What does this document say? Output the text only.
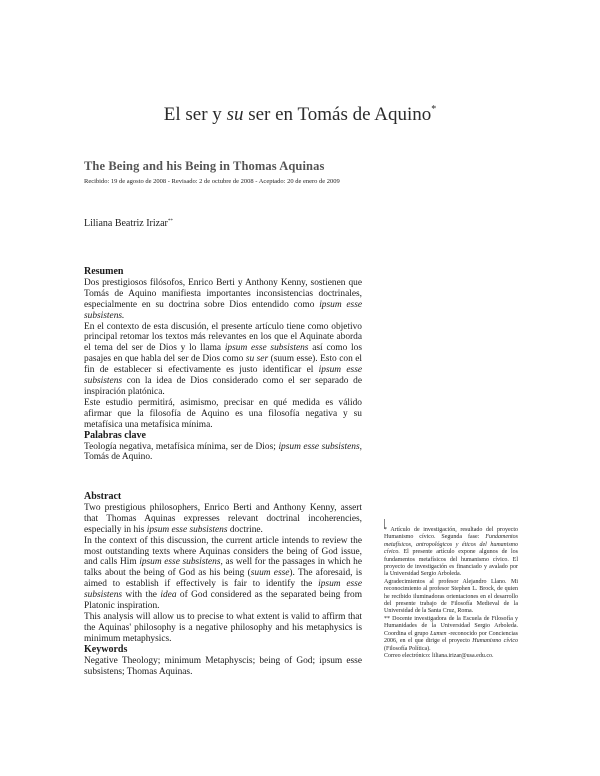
El ser y su ser en Tomás de Aquino*
The Being and his Being in Thomas Aquinas
Recibido: 19 de agosto de 2008 - Revisado: 2 de octubre de 2008 - Aceptado: 20 de enero de 2009
Liliana Beatriz Irizar**
Resumen

Dos prestigiosos filósofos, Enrico Berti y Anthony Kenny, sostienen que Tomás de Aquino manifiesta importantes inconsistencias doctrinales, especialmente en su doctrina sobre Dios entendido como ipsum esse subsistens.

En el contexto de esta discusión, el presente artículo tiene como objetivo principal retomar los textos más relevantes en los que el Aquinate aborda el tema del ser de Dios y lo llama ipsum esse subsistens así como los pasajes en que habla del ser de Dios como su ser (suum esse). Esto con el fin de establecer si efectivamente es justo identificar el ipsum esse subsistens con la idea de Dios considerado como el ser separado de inspiración platónica.

Este estudio permitirá, asimismo, precisar en qué medida es válido afirmar que la filosofía de Aquino es una filosofía negativa y su metafísica una metafísica mínima.

Palabras clave

Teología negativa, metafísica mínima, ser de Dios; ipsum esse subsistens, Tomás de Aquino.

Abstract

Two prestigious philosophers, Enrico Berti and Anthony Kenny, assert that Thomas Aquinas expresses relevant doctrinal incoherencies, especially in his ipsum esse subsistens doctrine.

In the context of this discussion, the current article intends to review the most outstanding texts where Aquinas considers the being of God issue, and calls Him ipsum esse subsistens, as well for the passages in which he talks about the being of God as his being (suum esse). The aforesaid, is aimed to establish if effectively is fair to identify the ipsum esse subsistens with the idea of God considered as the separated being from Platonic inspiration.

This analysis will allow us to precise to what extent is valid to affirm that the Aquinas' philosophy is a negative philosophy and his metaphysics is minimum metaphysics.

Keywords

Negative Theology; minimum Metaphyscis; being of God; ipsum esse subsistens; Thomas Aquinas.

* Artículo de investigación, resultado del proyecto Humanismo cívico. Segunda fase: Fundamentos metafísicos, antropológicos y éticos del humanismo cívico. El presente artículo expone algunos de los fundamentos metafísicos del humanismo cívico. El proyecto de investigación es financiado y avalado por la Universidad Sergio Arboleda.

Agradecimientos al profesor Alejandro Llano. Mi reconocimiento al profesor Stephen L. Brock, de quien he recibido iluminadoras orientaciones en el desarrollo del presente trabajo de Filosofía Medieval de la Universidad de la Santa Cruz, Roma.

** Docente investigadora de la Escuela de Filosofía y Humanidades de la Universidad Sergio Arboleda. Coordina el grupo Lumen -reconocido por Conciencias 2006, en el que dirige el proyecto Humanismo cívico (Filosofía Política).

Correo electrónico: liliana.irizar@usa.edu.co.
